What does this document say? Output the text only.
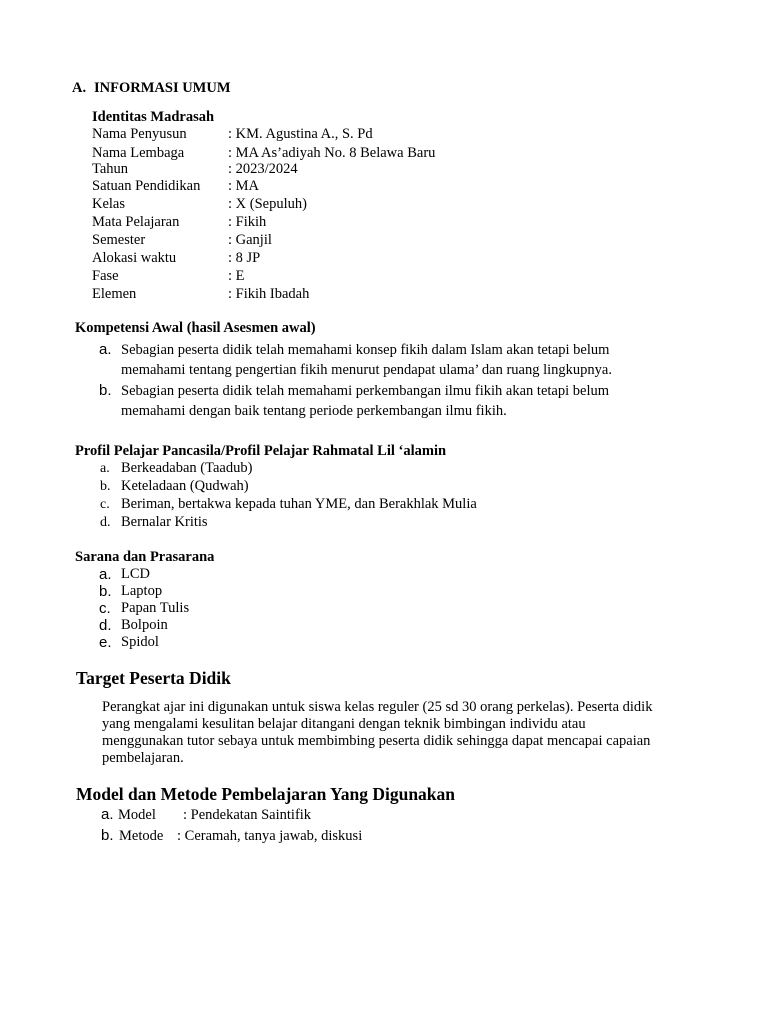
A. INFORMASI UMUM
Identitas Madrasah
Nama Penyusun	: KM. Agustina A., S. Pd
Nama Lembaga	: MA As’adiyah No. 8 Belawa Baru
Tahun	: 2023/2024
Satuan Pendidikan : MA
Kelas	: X (Sepuluh)
Mata Pelajaran	: Fikih
Semester	: Ganjil
Alokasi waktu	: 8 JP
Fase	: E
Elemen	: Fikih Ibadah
Kompetensi Awal (hasil Asesmen awal)
a. Sebagian peserta didik telah memahami konsep fikih dalam Islam akan tetapi belum
memahami tentang pengertian fikih menurut pendapat ulama’ dan ruang lingkupnya.
b. Sebagian peserta didik telah memahami perkembangan ilmu fikih akan tetapi belum
memahami dengan baik tentang periode perkembangan ilmu fikih.
Profil Pelajar Pancasila/Profil Pelajar Rahmatal Lil ‘alamin
a. Berkeadaban (Taadub)
b. Keteladaan (Qudwah)
c. Beriman, bertakwa kepada tuhan YME, dan Berakhlak Mulia
d. Bernalar Kritis
Sarana dan Prasarana
a. LCD
b. Laptop
c. Papan Tulis
d. Bolpoin
e. Spidol
Target Peserta Didik
Perangkat ajar ini digunakan untuk siswa kelas reguler (25 sd 30 orang perkelas). Peserta didik
yang mengalami kesulitan belajar ditangani dengan teknik bimbingan individu atau
menggunakan tutor sebaya untuk membimbing peserta didik sehingga dapat mencapai capaian
pembelajaran.
Model dan Metode Pembelajaran Yang Digunakan
a. Model : Pendekatan Saintifik
b. Metode : Ceramah, tanya jawab, diskusi
